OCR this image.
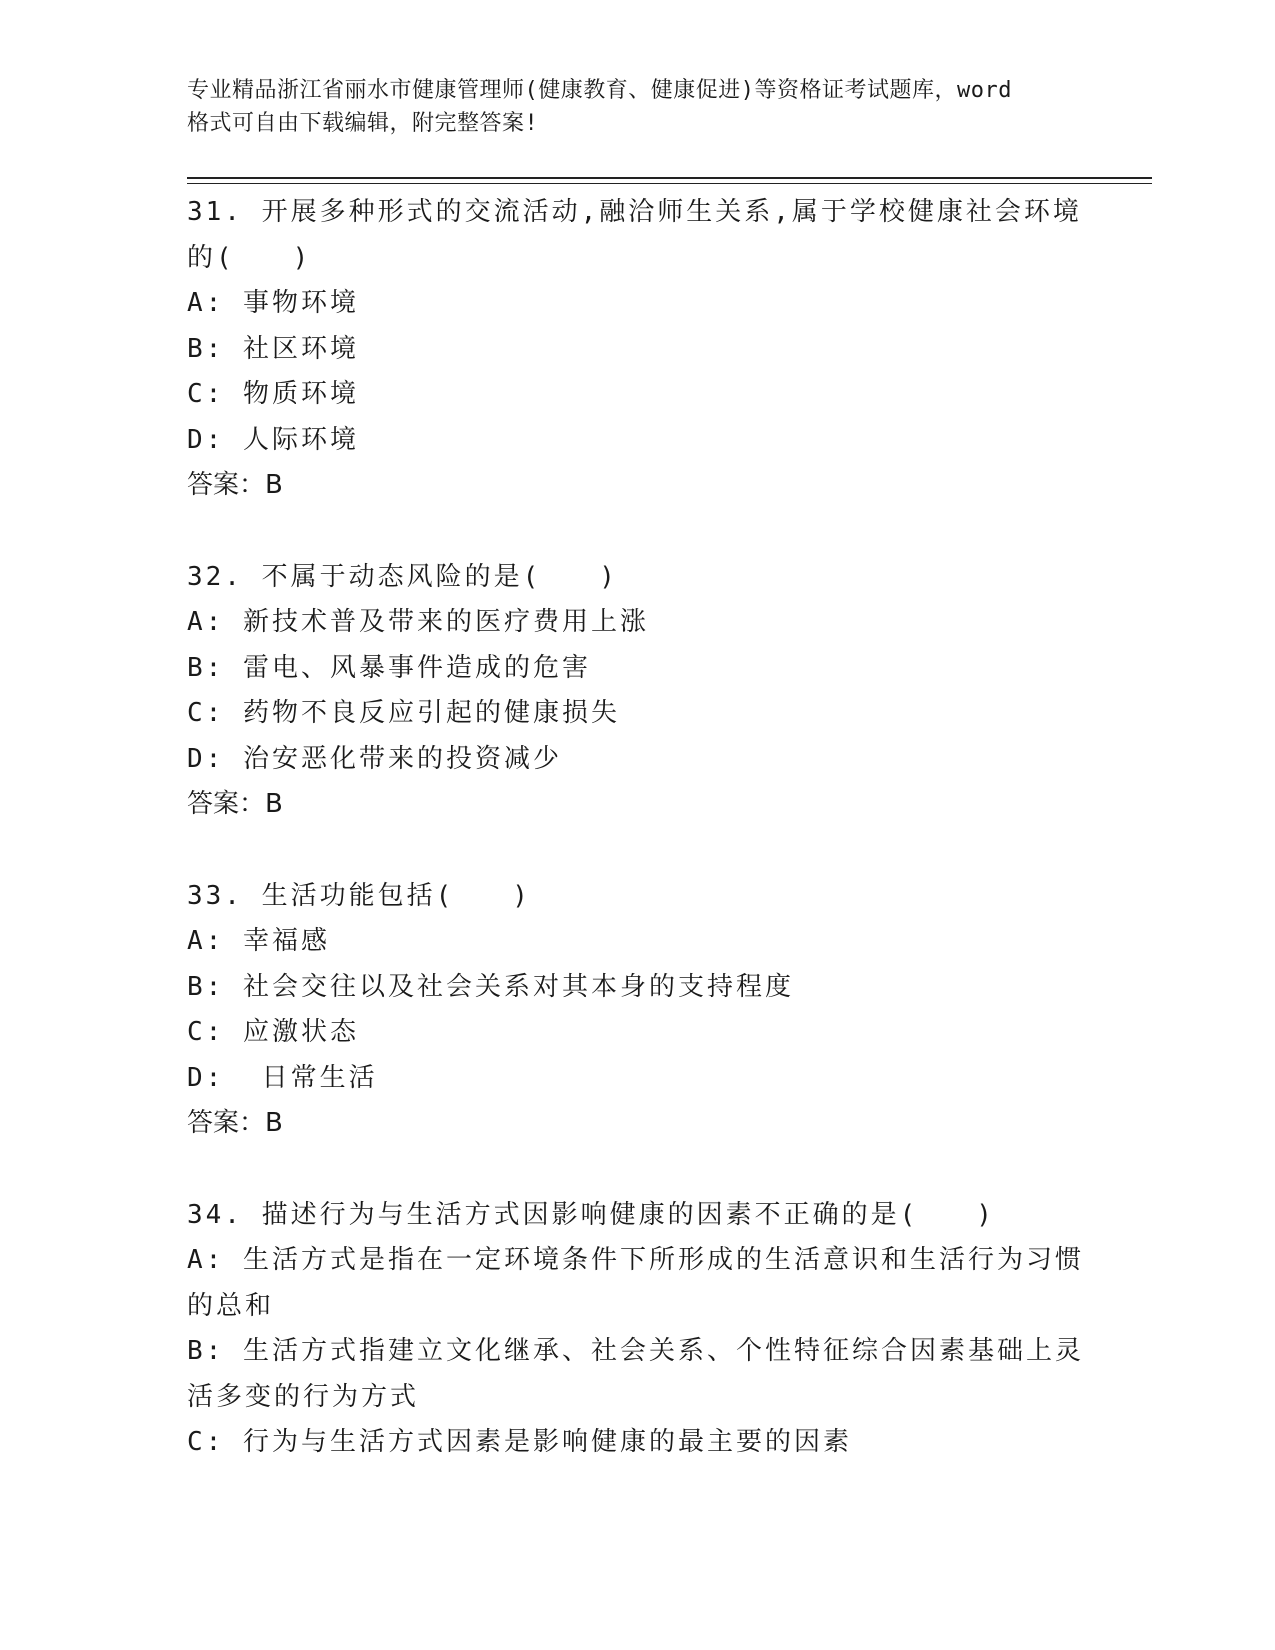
专业精品浙江省丽水市健康管理师(健康教育、健康促进)等资格证考试题库，word
格式可自由下载编辑，附完整答案!
31. 开展多种形式的交流活动,融洽师生关系,属于学校健康社会环境
的(　　)
A: 事物环境
B: 社区环境
C: 物质环境
D: 人际环境
答案：B
32. 不属于动态风险的是(　　)
A: 新技术普及带来的医疗费用上涨
B: 雷电、风暴事件造成的危害
C: 药物不良反应引起的健康损失
D: 治安恶化带来的投资减少
答案：B
33. 生活功能包括(　　)
A: 幸福感
B: 社会交往以及社会关系对其本身的支持程度
C: 应激状态
D:  日常生活
答案：B
34. 描述行为与生活方式因影响健康的因素不正确的是(　　)
A: 生活方式是指在一定环境条件下所形成的生活意识和生活行为习惯
的总和
B: 生活方式指建立文化继承、社会关系、个性特征综合因素基础上灵
活多变的行为方式
C: 行为与生活方式因素是影响健康的最主要的因素
